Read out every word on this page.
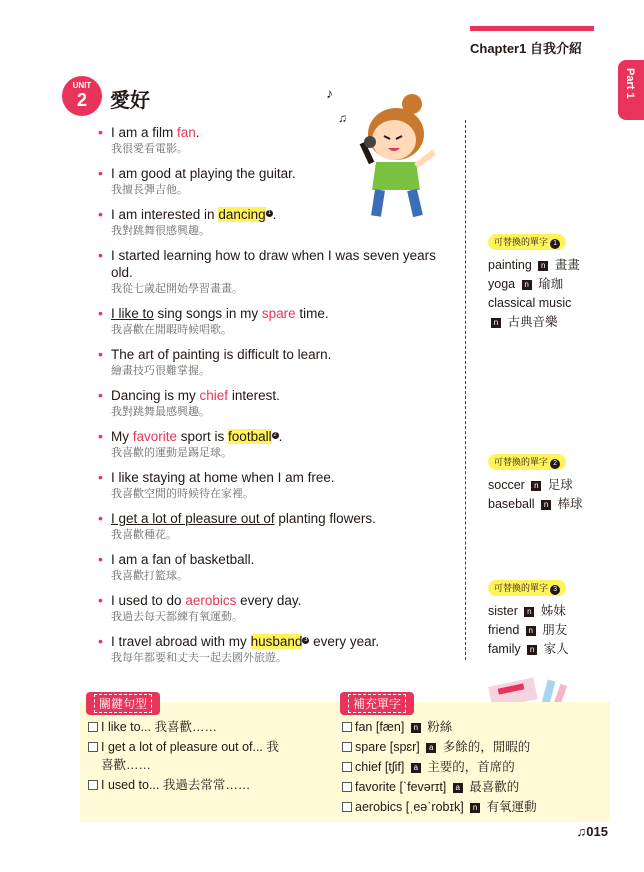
Chapter1 自我介紹
Part 1
UNIT
2	愛好	♪
♫
• I am a film fan.
我很愛看電影。
• I am good at playing the guitar.
我擅長彈吉他。
• I am interested in dancing $^1$ .
我對跳舞很感興趣。
• I started learning how to draw when I was seven years old.
我從七歲起開始學習畫畫。
• I like to sing songs in my spare time.
我喜歡在閒暇時候唱歌。
• The art of painting is difficult to learn.
繪畫技巧很難掌握。
• Dancing is my chief interest.
我對跳舞最感興趣。
• My favorite sport is football $^2$ .
我喜歡的運動是踢足球。
• I like staying at home when I am free.
我喜歡空閒的時候待在家裡。
• I get a lot of pleasure out of planting flowers.
我喜歡種花。
• I am a fan of basketball.
我喜歡打籃球。
• I used to do aerobics every day.
我過去每天都練有氧運動。
• I travel abroad with my husband $^3$ every year.
我每年都要和丈夫一起去國外旅遊。
可替換的單字 1
painting n 畫畫
yoga n 瑜珈
classical music
n 古典音樂
可替換的單字 2
soccer n 足球
baseball n 棒球
可替換的單字 3
sister n 姊妹
friend n 朋友
family n 家人
關鍵句型
I like to... 我喜歡……
I get a lot of pleasure out of... 我喜歡……
I used to... 我過去常常……
補充單字
fan [fæn] n 粉絲
spare [spɛr] a 多餘的，閒暇的
chief [tʃif] a 主要的，首席的
favorite [ˋfevərɪt] a 最喜歡的
aerobics [ˌeəˋrobɪk] n 有氧運動
♫015
